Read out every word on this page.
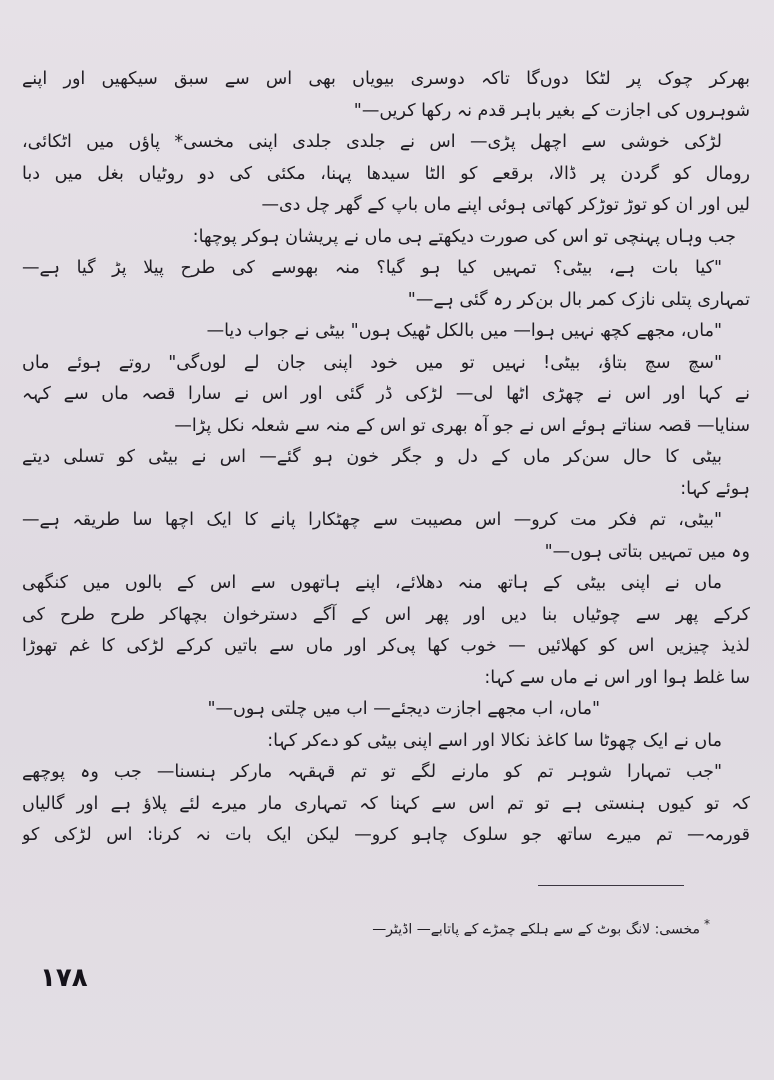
بھرکر چوک پر لٹکا دوں‌گا تاکہ دوسری بیویاں بھی اس سے سبق سیکھیں اور اپنے
شوہروں کی اجازت کے بغیر باہر قدم نہ رکھا کریں—"
لڑکی خوشی سے اچھل پڑی— اس نے جلدی جلدی اپنی مخسی* پاؤں میں اٹکائی،
رومال کو گردن پر ڈالا، برقعے کو الٹا سیدھا پہنا، مکئی کی دو روٹیاں بغل میں دبا
لیں اور ان کو توڑ توڑکر کھاتی ہوئی اپنے ماں باپ کے گھر چل دی—
جب وہاں پہنچی تو اس کی صورت دیکھتے ہی ماں نے پریشان ہوکر پوچھا:
"کیا بات ہے، بیٹی؟ تمہیں کیا ہو گیا؟ منہ بھوسے کی طرح پیلا پڑ گیا ہے—
تمہاری پتلی نازک کمر بال بن‌کر رہ گئی ہے—"
"ماں، مجھے کچھ نہیں ہوا— میں بالکل ٹھیک ہوں" بیٹی نے جواب دیا—
"سچ سچ بتاؤ، بیٹی! نہیں تو میں خود اپنی جان لے لوں‌گی" روتے ہوئے ماں
نے کہا اور اس نے چھڑی اٹھا لی— لڑکی ڈر گئی اور اس نے سارا قصہ ماں سے کہہ
سنایا— قصہ سناتے ہوئے اس نے جو آہ بھری تو اس کے منہ سے شعلہ نکل پڑا—
بیٹی کا حال سن‌کر ماں کے دل و جگر خون ہو گئے— اس نے بیٹی کو تسلی دیتے
ہوئے کہا:
"بیٹی، تم فکر مت کرو— اس مصیبت سے چھٹکارا پانے کا ایک اچھا سا طریقہ ہے—
وہ میں تمہیں بتاتی ہوں—"
ماں نے اپنی بیٹی کے ہاتھ منہ دھلائے، اپنے ہاتھوں سے اس کے بالوں میں کنگھی
کرکے پھر سے چوٹیاں بنا دیں اور پھر اس کے آگے دسترخوان بچھاکر طرح طرح کی
لذیذ چیزیں اس کو کھلائیں — خوب کھا پی‌کر اور ماں سے باتیں کرکے لڑکی کا غم تھوڑا
سا غلط ہوا اور اس نے ماں سے کہا:
"ماں، اب مجھے اجازت دیجئے— اب میں چلتی ہوں—"
ماں نے ایک چھوٹا سا کاغذ نکالا اور اسے اپنی بیٹی کو دے‌کر کہا:
"جب تمہارا شوہر تم کو مارنے لگے تو تم قہقہہ مارکر ہنسنا— جب وہ پوچھے
کہ تو کیوں ہنستی ہے تو تم اس سے کہنا کہ تمہاری مار میرے لئے پلاؤ ہے اور گالیاں
قورمہ— تم میرے ساتھ جو سلوک چاہو کرو— لیکن ایک بات نہ کرنا: اس لڑکی کو
*مخسی: لانگ بوٹ کے سے ہلکے چمڑے کے پاتابے— اڈیٹر—
۱۷۸
